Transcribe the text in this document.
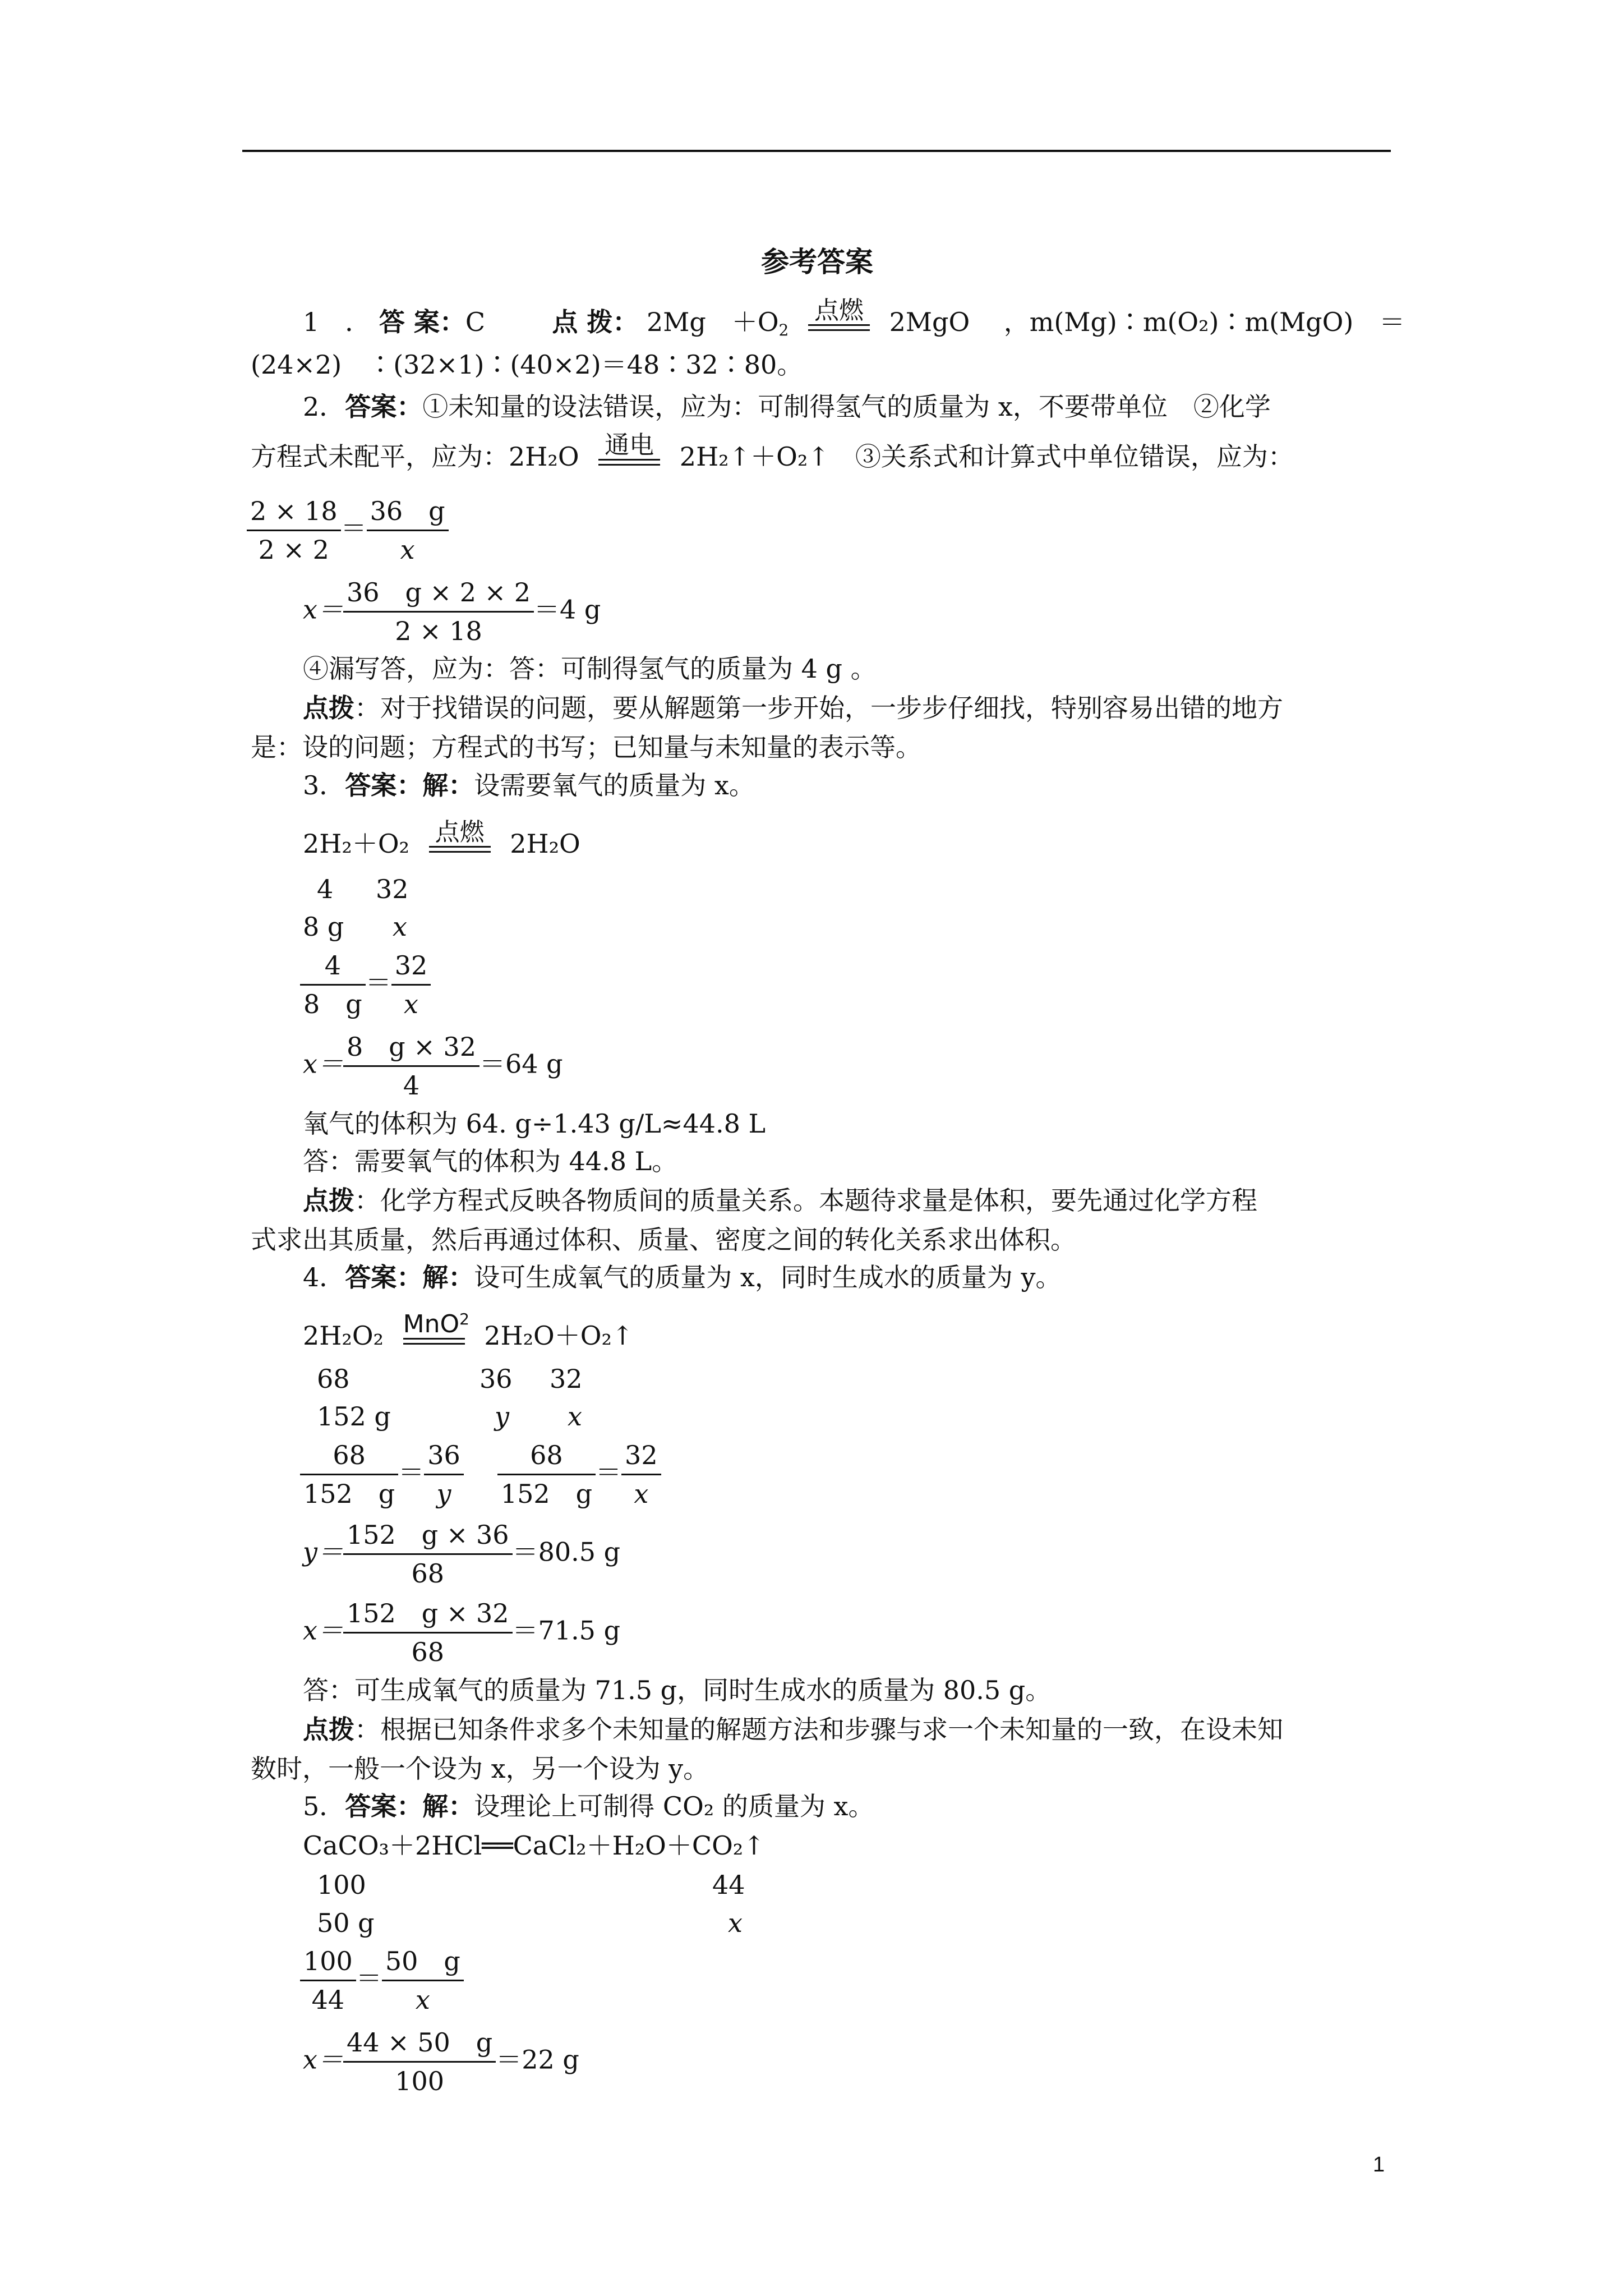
参考答案
1　． 答 案：C	点 拨： 2Mg　$+O_2$
点燃 2MgO 　，m(Mg)∶m(O₂)∶m(MgO)　＝
(24×2)　∶(32×1)∶(40×2)＝48∶32∶80。
2．答案：①未知量的设法错误，应为：可制得氢气的质量为 x，不要带单位　②化学
方程式未配平，应为：2H₂O 通电 2H₂↑＋O₂↑　③关系式和计算式中单位错误，应为：
$\frac{2 \times 18}{2 \times 2} = \frac{36 g}{x}$
$x= \frac{36 g \times 2 \times 2}{2 \times 18} =4$ g
④漏写答，应为：答：可制得氢气的质量为 4 g 。
点拨：对于找错误的问题，要从解题第一步开始，一步步仔细找，特别容易出错的地方
是：设的问题；方程式的书写；已知量与未知量的表示等。
3．答案：解：设需要氧气的质量为 x。
2H₂＋O₂ 点燃 2H₂O
4 32
8 g x
$\frac{4}{8 g} = \frac{32}{x}$
$x= \frac{8 g \times 32}{4} =64$ g
氧气的体积为 64. g÷1.43 g/L≈44.8 L
答：需要氧气的体积为 44.8 L。
点拨：化学方程式反映各物质间的质量关系。本题待求量是体积，要先通过化学方程
式求出其质量，然后再通过体积、质量、密度之间的转化关系求出体积。
4．答案：解：设可生成氧气的质量为 x，同时生成水的质量为 y。
2H₂O₂ MnO$^2$
2H₂O＋O₂↑
68	36 32
152 g	y x
$\frac{68}{152 g} = \frac{36}{y} \frac{68}{152 g} = \frac{32}{x}$
$y= \frac{152 g \times 36}{68} =80.5$ g
$x= \frac{152 g \times 32}{68} =71.5$ g
答：可生成氧气的质量为 71.5 g，同时生成水的质量为 80.5 g。
点拨：根据已知条件求多个未知量的解题方法和步骤与求一个未知量的一致，在设未知
数时，一般一个设为 x，另一个设为 y。
5．答案：解：设理论上可制得 CO₂ 的质量为 x。
CaCO₃＋2HCl══CaCl₂＋H₂O＋CO₂↑
100	44
50 g	x
$\frac{100}{44} = \frac{50 g}{x}$
$x= \frac{44 \times 50 g}{100} =22$ g
1
